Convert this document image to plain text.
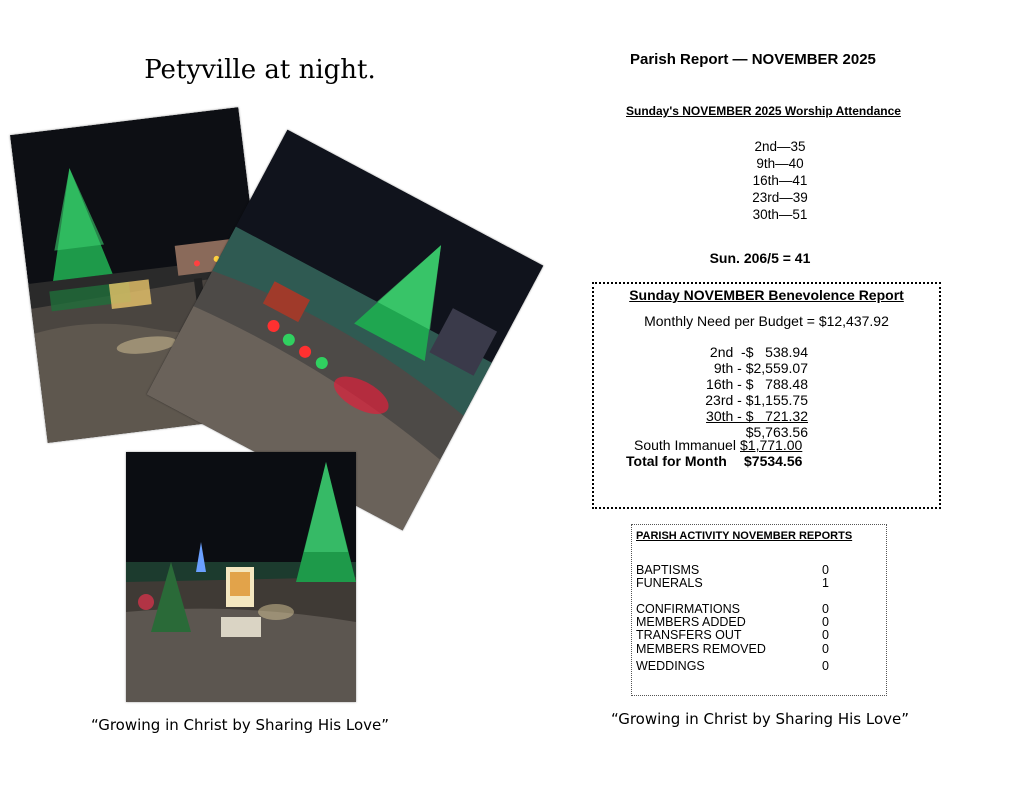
Petyville at night.
“Growing in Christ by Sharing His Love”
Parish Report — NOVEMBER 2025
Sunday's NOVEMBER 2025 Worship Attendance
2nd—35
9th—40
16th—41
23rd—39
30th—51
Sun. 206/5 = 41
Sunday NOVEMBER Benevolence Report
Monthly Need per Budget = $12,437.92
2nd  -$   538.94
9th - $2,559.07
16th - $   788.48
23rd - $1,155.75
30th - $   721.32
$5,763.56
South Immanuel $1,771.00
Total for Month $7534.56
PARISH ACTIVITY NOVEMBER REPORTS
BAPTISMS	0
FUNERALS	1
CONFIRMATIONS	0
MEMBERS ADDED	0
TRANSFERS OUT	0
MEMBERS REMOVED	0
WEDDINGS	0
“Growing in Christ by Sharing His Love”
